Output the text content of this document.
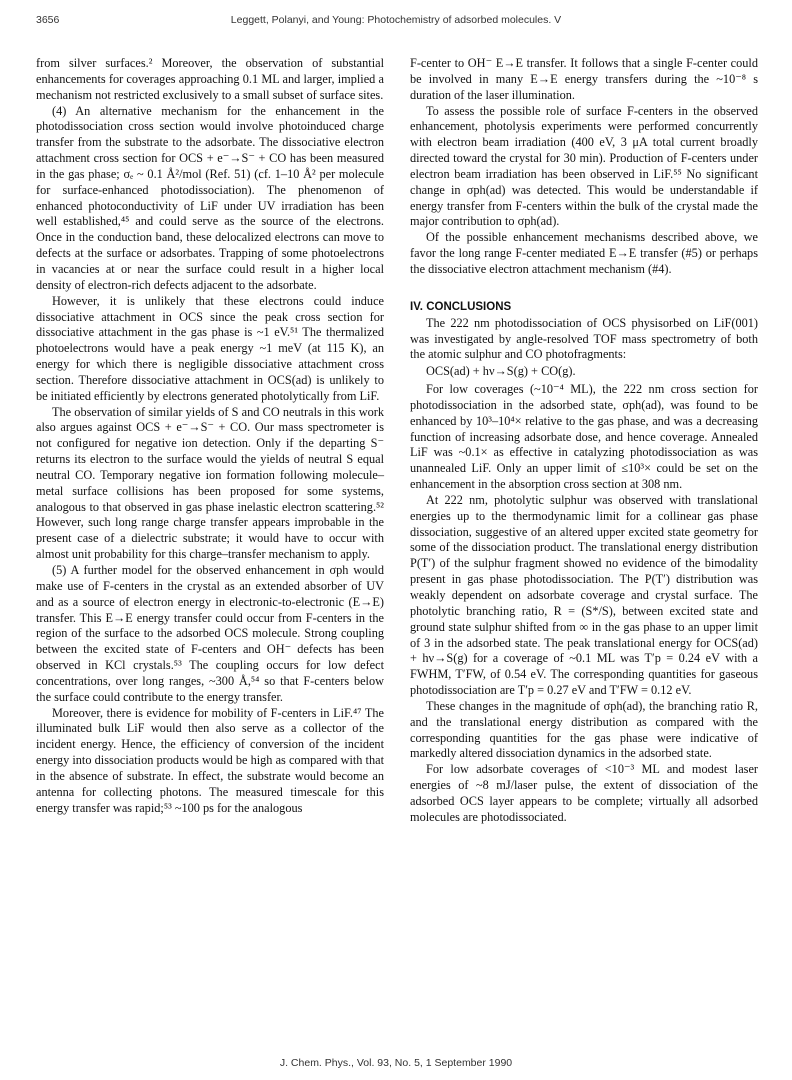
3656	Leggett, Polanyi, and Young: Photochemistry of adsorbed molecules. V

from silver surfaces.² Moreover, the observation of substantial enhancements for coverages approaching 0.1 ML and larger, implied a mechanism not restricted exclusively to a small subset of surface sites.

(4) An alternative mechanism for the enhancement in the photodissociation cross section would involve photoinduced charge transfer from the substrate to the adsorbate. The dissociative electron attachment cross section for OCS + e⁻→S⁻ + CO has been measured in the gas phase; σₑ ~ 0.1 Å²/mol (Ref. 51) (cf. 1–10 Å² per molecule for surface-enhanced photodissociation). The phenomenon of enhanced photoconductivity of LiF under UV irradiation has been well established,⁴⁵ and could serve as the source of the electrons. Once in the conduction band, these delocalized electrons can move to defects at the surface or adsorbates. Trapping of some photoelectrons in vacancies at or near the surface could result in a higher local density of electron-rich defects adjacent to the adsorbate.

However, it is unlikely that these electrons could induce dissociative attachment in OCS since the peak cross section for dissociative attachment in the gas phase is ~1 eV.⁵¹ The thermalized photoelectrons would have a peak energy ~1 meV (at 115 K), an energy for which there is negligible dissociative attachment cross section. Therefore dissociative attachment in OCS(ad) is unlikely to be initiated efficiently by electrons generated photolytically from LiF.

The observation of similar yields of S and CO neutrals in this work also argues against OCS + e⁻→S⁻ + CO. Our mass spectrometer is not configured for negative ion detection. Only if the departing S⁻ returns its electron to the surface would the yields of neutral S equal neutral CO. Temporary negative ion formation following molecule–metal surface collisions has been proposed for some systems, analogous to that observed in gas phase inelastic electron scattering.⁵² However, such long range charge transfer appears improbable in the present case of a dielectric substrate; it would have to occur with almost unit probability for this charge–transfer mechanism to apply.

(5) A further model for the observed enhancement in σph would make use of F-centers in the crystal as an extended absorber of UV and as a source of electron energy in electronic-to-electronic (E→E) transfer. This E→E energy transfer could occur from F-centers in the region of the surface to the adsorbed OCS molecule. Strong coupling between the excited state of F-centers and OH⁻ defects has been observed in KCl crystals.⁵³ The coupling occurs for low defect concentrations, over long ranges, ~300 Å,⁵⁴ so that F-centers below the surface could contribute to the energy transfer.

Moreover, there is evidence for mobility of F-centers in LiF.⁴⁷ The illuminated bulk LiF would then also serve as a collector of the incident energy. Hence, the efficiency of conversion of the incident energy into dissociation products would be high as compared with that in the absence of substrate. In effect, the substrate would become an antenna for collecting photons. The measured timescale for this energy transfer was rapid;⁵³ ~100 ps for the analogous

F-center to OH⁻ E→E transfer. It follows that a single F-center could be involved in many E→E energy transfers during the ~10⁻⁸ s duration of the laser illumination.

To assess the possible role of surface F-centers in the observed enhancement, photolysis experiments were performed concurrently with electron beam irradiation (400 eV, 3 μA total current broadly directed toward the crystal for 30 min). Production of F-centers under electron beam irradiation has been observed in LiF.⁵⁵ No significant change in σph(ad) was detected. This would be understandable if energy transfer from F-centers within the bulk of the crystal made the major contribution to σph(ad).

Of the possible enhancement mechanisms described above, we favor the long range F-center mediated E→E transfer (#5) or perhaps the dissociative electron attachment mechanism (#4).

IV. CONCLUSIONS

The 222 nm photodissociation of OCS physisorbed on LiF(001) was investigated by angle-resolved TOF mass spectrometry of both the atomic sulphur and CO photofragments:

OCS(ad) + hν→S(g) + CO(g).

For low coverages (~10⁻⁴ ML), the 222 nm cross section for photodissociation in the adsorbed state, σph(ad), was found to be enhanced by 10³–10⁴× relative to the gas phase, and was a decreasing function of increasing adsorbate dose, and hence coverage. Annealed LiF was ~0.1× as effective in catalyzing photodissociation as was unannealed LiF. Only an upper limit of ≤10³× could be set on the enhancement in the absorption cross section at 308 nm.

At 222 nm, photolytic sulphur was observed with translational energies up to the thermodynamic limit for a collinear gas phase dissociation, suggestive of an altered upper excited state geometry for some of the dissociation product. The translational energy distribution P(T′) of the sulphur fragment showed no evidence of the bimodality present in gas phase photodissociation. The P(T′) distribution was weakly dependent on adsorbate coverage and crystal surface. The photolytic branching ratio, R = (S*/S), between excited state and ground state sulphur shifted from ∞ in the gas phase to an upper limit of 3 in the adsorbed state. The peak translational energy for OCS(ad) + hν→S(g) for a coverage of ~0.1 ML was T′p = 0.24 eV with a FWHM, T′FW, of 0.54 eV. The corresponding quantities for gaseous photodissociation are T′p = 0.27 eV and T′FW = 0.12 eV.

These changes in the magnitude of σph(ad), the branching ratio R, and the translational energy distribution as compared with the corresponding quantities for the gas phase were indicative of markedly altered dissociation dynamics in the adsorbed state.

For low adsorbate coverages of <10⁻³ ML and modest laser energies of ~8 mJ/laser pulse, the extent of dissociation of the adsorbed OCS layer appears to be complete; virtually all adsorbed molecules are photodissociated.

J. Chem. Phys., Vol. 93, No. 5, 1 September 1990
